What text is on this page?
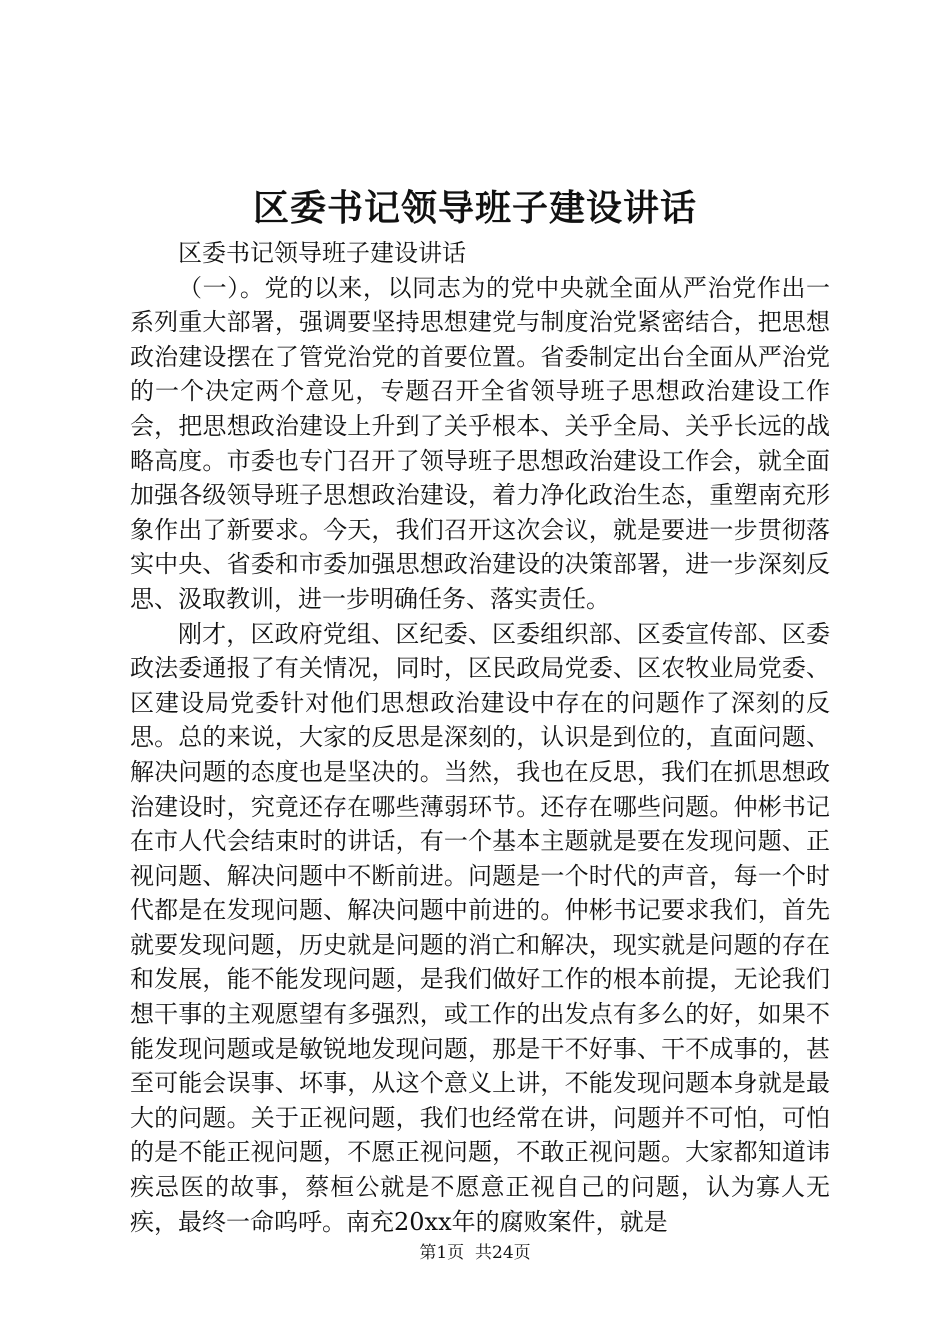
区委书记领导班子建设讲话

区委书记领导班子建设讲话

（一）。党的以来，以同志为的党中央就全面从严治党作出一系列重大部署，强调要坚持思想建党与制度治党紧密结合，把思想政治建设摆在了管党治党的首要位置。省委制定出台全面从严治党的一个决定两个意见，专题召开全省领导班子思想政治建设工作会，把思想政治建设上升到了关乎根本、关乎全局、关乎长远的战略高度。市委也专门召开了领导班子思想政治建设工作会，就全面加强各级领导班子思想政治建设，着力净化政治生态，重塑南充形象作出了新要求。今天，我们召开这次会议，就是要进一步贯彻落实中央、省委和市委加强思想政治建设的决策部署，进一步深刻反思、汲取教训，进一步明确任务、落实责任。

刚才，区政府党组、区纪委、区委组织部、区委宣传部、区委政法委通报了有关情况，同时，区民政局党委、区农牧业局党委、区建设局党委针对他们思想政治建设中存在的问题作了深刻的反思。总的来说，大家的反思是深刻的，认识是到位的，直面问题、解决问题的态度也是坚决的。当然，我也在反思，我们在抓思想政治建设时，究竟还存在哪些薄弱环节。还存在哪些问题。仲彬书记在市人代会结束时的讲话，有一个基本主题就是要在发现问题、正视问题、解决问题中不断前进。问题是一个时代的声音，每一个时代都是在发现问题、解决问题中前进的。仲彬书记要求我们，首先就要发现问题，历史就是问题的消亡和解决，现实就是问题的存在和发展，能不能发现问题，是我们做好工作的根本前提，无论我们想干事的主观愿望有多强烈，或工作的出发点有多么的好，如果不能发现问题或是敏锐地发现问题，那是干不好事、干不成事的，甚至可能会误事、坏事，从这个意义上讲，不能发现问题本身就是最大的问题。关于正视问题，我们也经常在讲，问题并不可怕，可怕的是不能正视问题，不愿正视问题，不敢正视问题。大家都知道讳疾忌医的故事，蔡桓公就是不愿意正视自己的问题，认为寡人无疾，最终一命呜呼。南充20xx年的腐败案件，就是

第1页 共24页
